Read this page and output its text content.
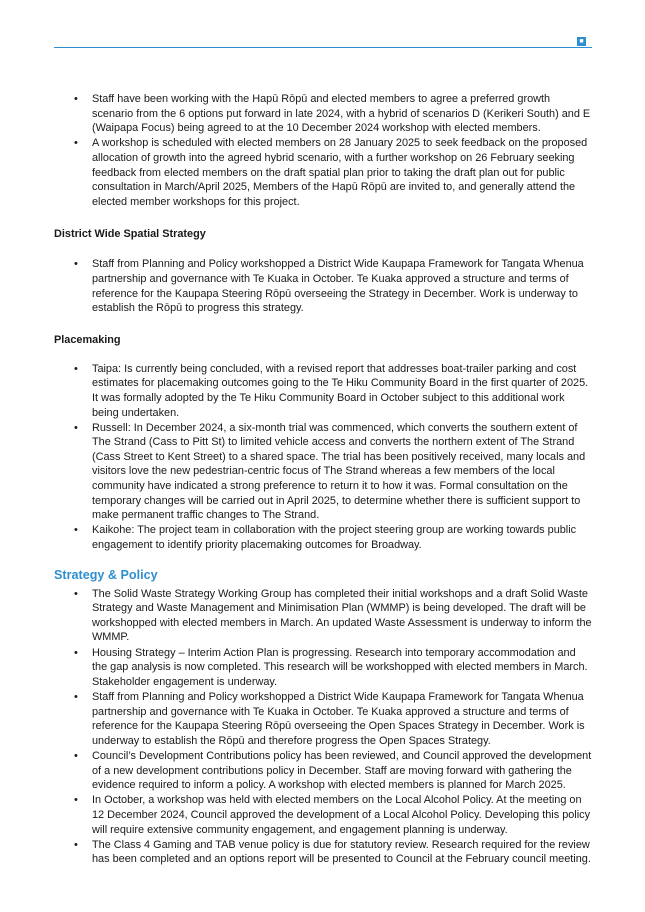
■
• Staff have been working with the Hapū Rōpū and elected members to agree a preferred growth scenario from the 6 options put forward in late 2024, with a hybrid of scenarios D (Kerikeri South) and E (Waipapa Focus) being agreed to at the 10 December 2024 workshop with elected members.
• A workshop is scheduled with elected members on 28 January 2025 to seek feedback on the proposed allocation of growth into the agreed hybrid scenario, with a further workshop on 26 February seeking feedback from elected members on the draft spatial plan prior to taking the draft plan out for public consultation in March/April 2025, Members of the Hapū Rōpū are invited to, and generally attend the elected member workshops for this project.
District Wide Spatial Strategy
• Staff from Planning and Policy workshopped a District Wide Kaupapa Framework for Tangata Whenua partnership and governance with Te Kuaka in October. Te Kuaka approved a structure and terms of reference for the Kaupapa Steering Rōpū overseeing the Strategy in December. Work is underway to establish the Rōpū to progress this strategy.
Placemaking
• Taipa: Is currently being concluded, with a revised report that addresses boat-trailer parking and cost estimates for placemaking outcomes going to the Te Hiku Community Board in the first quarter of 2025. It was formally adopted by the Te Hiku Community Board in October subject to this additional work being undertaken.
• Russell: In December 2024, a six-month trial was commenced, which converts the southern extent of The Strand (Cass to Pitt St) to limited vehicle access and converts the northern extent of The Strand (Cass Street to Kent Street) to a shared space. The trial has been positively received, many locals and visitors love the new pedestrian-centric focus of The Strand whereas a few members of the local community have indicated a strong preference to return it to how it was. Formal consultation on the temporary changes will be carried out in April 2025, to determine whether there is sufficient support to make permanent traffic changes to The Strand.
• Kaikohe: The project team in collaboration with the project steering group are working towards public engagement to identify priority placemaking outcomes for Broadway.
Strategy & Policy
• The Solid Waste Strategy Working Group has completed their initial workshops and a draft Solid Waste Strategy and Waste Management and Minimisation Plan (WMMP) is being developed. The draft will be workshopped with elected members in March. An updated Waste Assessment is underway to inform the WMMP.
• Housing Strategy – Interim Action Plan is progressing. Research into temporary accommodation and the gap analysis is now completed. This research will be workshopped with elected members in March. Stakeholder engagement is underway.
• Staff from Planning and Policy workshopped a District Wide Kaupapa Framework for Tangata Whenua partnership and governance with Te Kuaka in October. Te Kuaka approved a structure and terms of reference for the Kaupapa Steering Rōpū overseeing the Open Spaces Strategy in December. Work is underway to establish the Rōpū and therefore progress the Open Spaces Strategy.
• Council’s Development Contributions policy has been reviewed, and Council approved the development of a new development contributions policy in December. Staff are moving forward with gathering the evidence required to inform a policy. A workshop with elected members is planned for March 2025.
• In October, a workshop was held with elected members on the Local Alcohol Policy. At the meeting on 12 December 2024, Council approved the development of a Local Alcohol Policy. Developing this policy will require extensive community engagement, and engagement planning is underway.
• The Class 4 Gaming and TAB venue policy is due for statutory review. Research required for the review has been completed and an options report will be presented to Council at the February council meeting.
